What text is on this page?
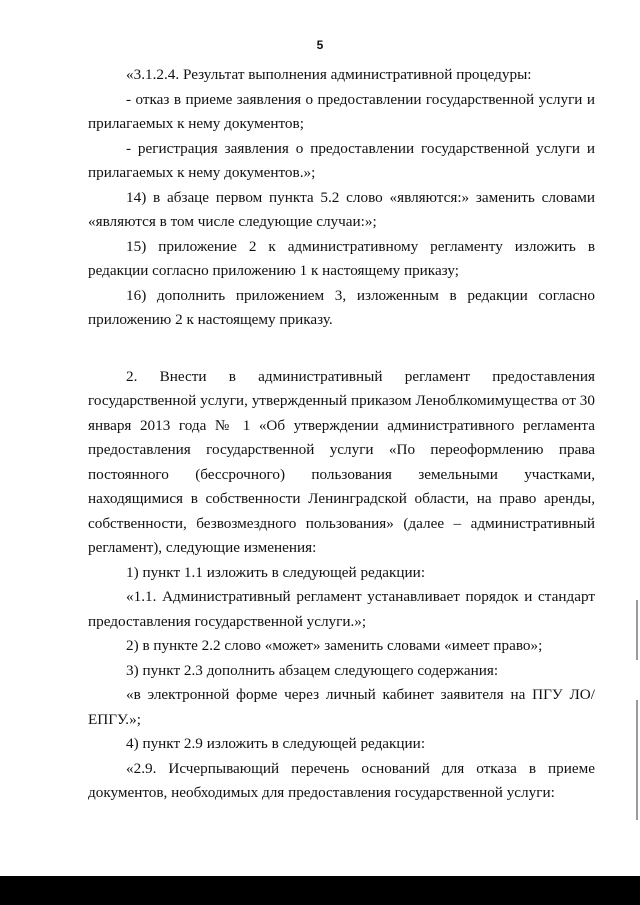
5

«3.1.2.4. Результат выполнения административной процедуры:

- отказ в приеме заявления о предоставлении государственной услуги и прилагаемых к нему документов;

- регистрация заявления о предоставлении государственной услуги и прилагаемых к нему документов.»;

14) в абзаце первом пункта 5.2 слово «являются:» заменить словами «являются в том числе следующие случаи:»;

15) приложение 2 к административному регламенту изложить в редакции согласно приложению 1 к настоящему приказу;

16) дополнить приложением 3, изложенным в редакции согласно приложению 2 к настоящему приказу.

2. Внести в административный регламент предоставления государственной услуги, утвержденный приказом Леноблкомимущества от 30 января 2013 года № 1 «Об утверждении административного регламента предоставления государственной услуги «По переоформлению права постоянного (бессрочного) пользования земельными участками, находящимися в собственности Ленинградской области, на право аренды, собственности, безвозмездного пользования» (далее – административный регламент), следующие изменения:

1) пункт 1.1 изложить в следующей редакции:

«1.1. Административный регламент устанавливает порядок и стандарт предоставления государственной услуги.»;

2) в пункте 2.2 слово «может» заменить словами «имеет право»;

3) пункт 2.3 дополнить абзацем следующего содержания:

«в электронной форме через личный кабинет заявителя на ПГУ ЛО/ЕПГУ.»;

4) пункт 2.9 изложить в следующей редакции:

«2.9. Исчерпывающий перечень оснований для отказа в приеме документов, необходимых для предоставления государственной услуги:
